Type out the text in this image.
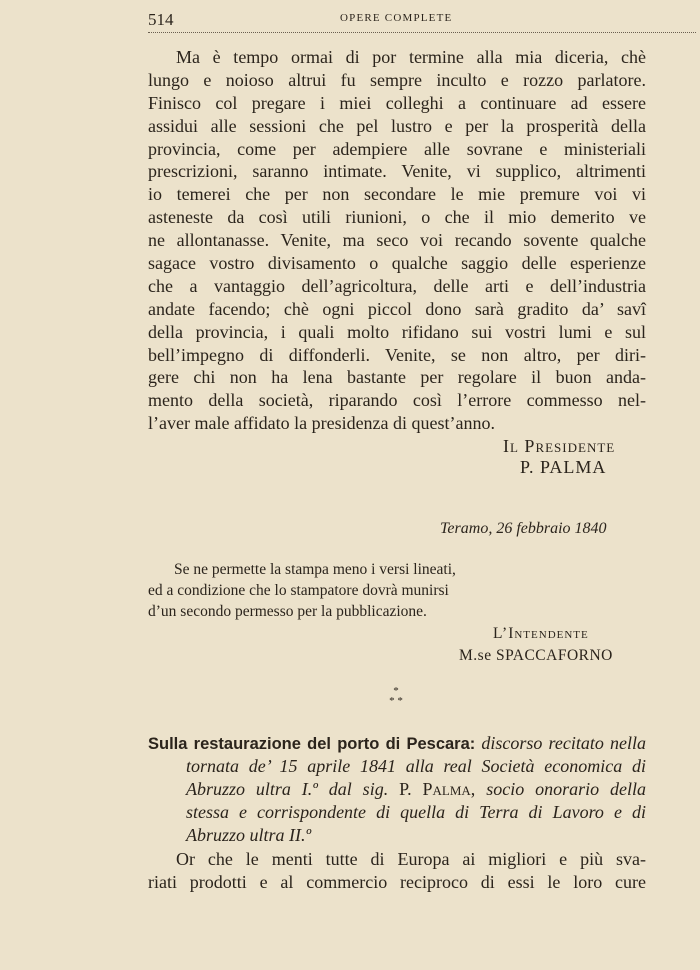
514	OPERE COMPLETE
Ma è tempo ormai di por termine alla mia diceria, chè
lungo e noioso altrui fu sempre inculto e rozzo parlatore.
Finisco col pregare i miei colleghi a continuare ad essere
assidui alle sessioni che pel lustro e per la prosperità della
provincia, come per adempiere alle sovrane e ministeriali
prescrizioni, saranno intimate. Venite, vi supplico, altrimenti
io temerei che per non secondare le mie premure voi vi
asteneste da così utili riunioni, o che il mio demerito ve
ne allontanasse. Venite, ma seco voi recando sovente qualche
sagace vostro divisamento o qualche saggio delle esperienze
che a vantaggio dell’agricoltura, delle arti e dell’industria
andate facendo; chè ogni piccol dono sarà gradito da’ savî
della provincia, i quali molto rifidano sui vostri lumi e sul
bell’impegno di diffonderli. Venite, se non altro, per diri-
gere chi non ha lena bastante per regolare il buon anda-
mento della società, riparando così l’errore commesso nel-
l’aver male affidato la presidenza di quest’anno.
Il Presidente
P. PALMA
Teramo, 26 febbraio 1840
Se ne permette la stampa meno i versi lineati,
ed a condizione che lo stampatore dovrà munirsi
d’un secondo permesso per la pubblicazione.
L’Intendente
M.se SPACCAFORNO
*
* *
Sulla restaurazione del porto di Pescara: discorso recitato nella
tornata de’ 15 aprile 1841 alla real Società economica di
Abruzzo ultra I.º dal sig. P. Palma, socio onorario della
stessa e corrispondente di quella di Terra di Lavoro e di
Abruzzo ultra II.º
Or che le menti tutte di Europa ai migliori e più sva-
riati prodotti e al commercio reciproco di essi le loro cure
